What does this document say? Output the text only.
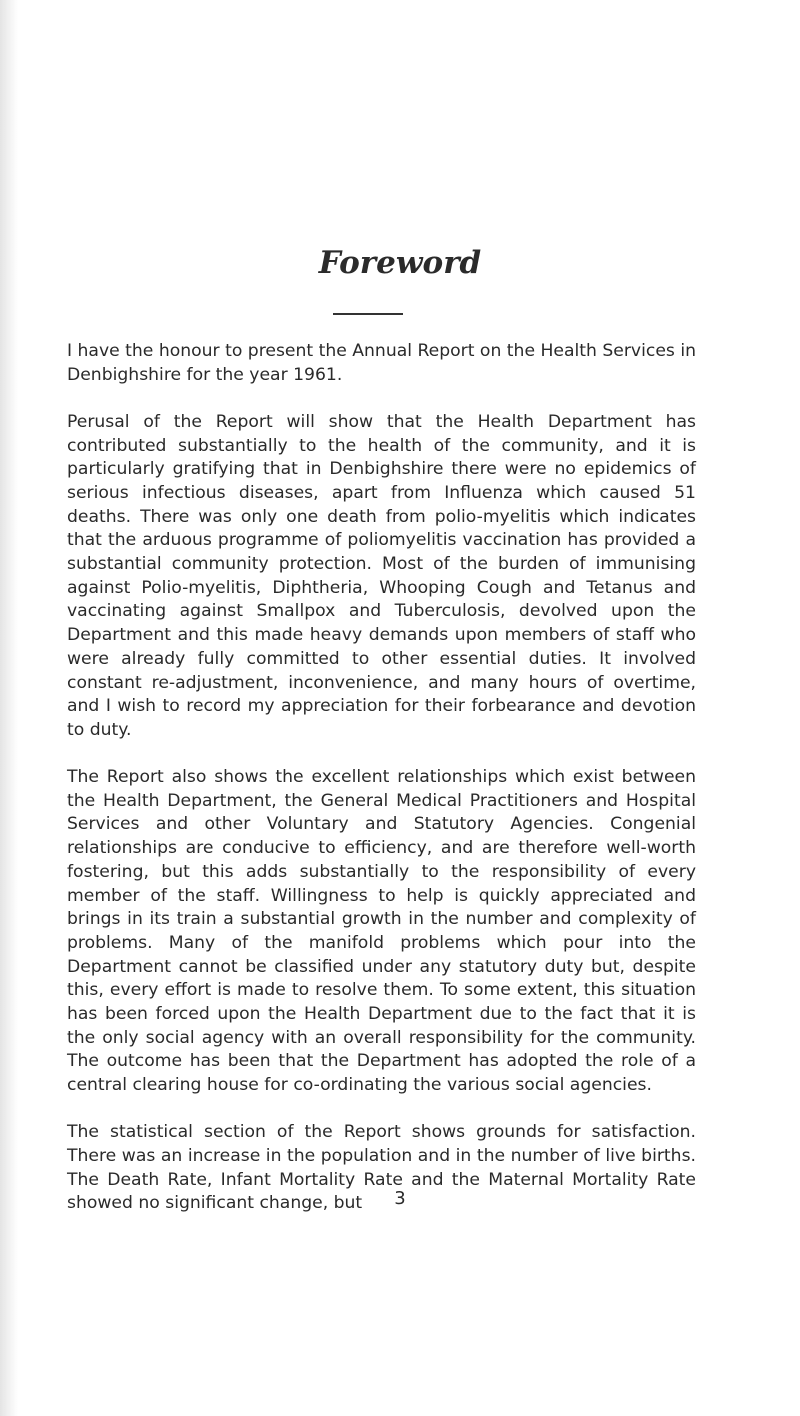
Foreword

I have the honour to present the Annual Report on the Health Services in Denbighshire for the year 1961.

Perusal of the Report will show that the Health Department has contributed substantially to the health of the community, and it is particularly gratifying that in Denbighshire there were no epidemics of serious infectious diseases, apart from Influenza which caused 51 deaths. There was only one death from polio-myelitis which indicates that the arduous programme of poliomyelitis vaccination has provided a substantial community protection. Most of the burden of immunising against Polio-myelitis, Diphtheria, Whooping Cough and Tetanus and vaccinating against Smallpox and Tuberculosis, devolved upon the Department and this made heavy demands upon members of staff who were already fully committed to other essential duties. It involved constant re-adjustment, inconvenience, and many hours of overtime, and I wish to record my appreciation for their forbearance and devotion to duty.

The Report also shows the excellent relationships which exist between the Health Department, the General Medical Practitioners and Hospital Services and other Voluntary and Statutory Agencies. Congenial relationships are conducive to efficiency, and are therefore well-worth fostering, but this adds substantially to the responsibility of every member of the staff. Willingness to help is quickly appreciated and brings in its train a substantial growth in the number and complexity of problems. Many of the manifold problems which pour into the Department cannot be classified under any statutory duty but, despite this, every effort is made to resolve them. To some extent, this situation has been forced upon the Health Department due to the fact that it is the only social agency with an overall responsibility for the community. The outcome has been that the Department has adopted the role of a central clearing house for co-ordinating the various social agencies.

The statistical section of the Report shows grounds for satisfaction. There was an increase in the population and in the number of live births. The Death Rate, Infant Mortality Rate and the Maternal Mortality Rate showed no significant change, but	3
